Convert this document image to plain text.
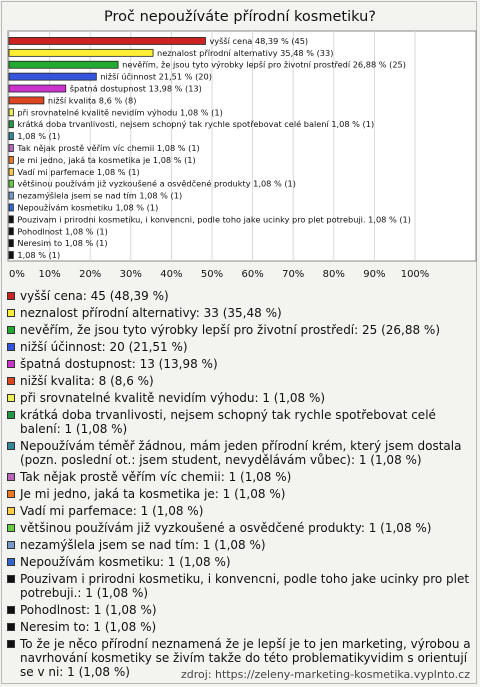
Proč nepoužíváte přírodní kosmetiku?
0% 10% 20% 30% 40% 50% 60% 70% 80% 90% 100%
vyšší cena 48,39 % (45)
neznalost přírodní alternativy 35,48 % (33)
nevěřím, že jsou tyto výrobky lepší pro životní prostředí 26,88 % (25)
nižší účinnost 21,51 % (20)
špatná dostupnost 13,98 % (13)
nižší kvalita 8,6 % (8)
při srovnatelné kvalitě nevidím výhodu 1,08 % (1)
krátká doba trvanlivosti, nejsem schopný tak rychle spotřebovat celé balení 1,08 % (1)
1,08 % (1)
Tak nějak prostě věřím víc chemii 1,08 % (1)
Je mi jedno, jaká ta kosmetika je 1,08 % (1)
Vadí mi parfemace 1,08 % (1)
většinou používám již vyzkoušené a osvědčené produkty 1,08 % (1)
nezamýšlela jsem se nad tím 1,08 % (1)
Nepoužívám kosmetiku 1,08 % (1)
Pouzivam i prirodni kosmetiku, i konvencni, podle toho jake ucinky pro plet potrebuji. 1,08 % (1)
Pohodlnost 1,08 % (1)
Neresim to 1,08 % (1)
1,08 % (1)
vyšší cena: 45 (48,39 %)
neznalost přírodní alternativy: 33 (35,48 %)
nevěřím, že jsou tyto výrobky lepší pro životní prostředí: 25 (26,88 %)
nižší účinnost: 20 (21,51 %)
špatná dostupnost: 13 (13,98 %)
nižší kvalita: 8 (8,6 %)
při srovnatelné kvalitě nevidím výhodu: 1 (1,08 %)
krátká doba trvanlivosti, nejsem schopný tak rychle spotřebovat celé balení: 1 (1,08 %)
Nepoužívám téměř žádnou, mám jeden přírodní krém, který jsem dostala (pozn. poslední ot.: jsem student, nevydělávám vůbec): 1 (1,08 %)
Tak nějak prostě věřím víc chemii: 1 (1,08 %)
Je mi jedno, jaká ta kosmetika je: 1 (1,08 %)
Vadí mi parfemace: 1 (1,08 %)
většinou používám již vyzkoušené a osvědčené produkty: 1 (1,08 %)
nezamýšlela jsem se nad tím: 1 (1,08 %)
Nepoužívám kosmetiku: 1 (1,08 %)
Pouzivam i prirodni kosmetiku, i konvencni, podle toho jake ucinky pro plet potrebuji.: 1 (1,08 %)
Pohodlnost: 1 (1,08 %)
Neresim to: 1 (1,08 %)
To že je něco přírodní neznamená že je lepší je to jen marketing, výrobou a navrhování kosmetiky se živím takže do této problematikyvidim s orientují se v ni: 1 (1,08 %)	zdroj: https://zeleny-marketing-kosmetika.vyplnto.cz
